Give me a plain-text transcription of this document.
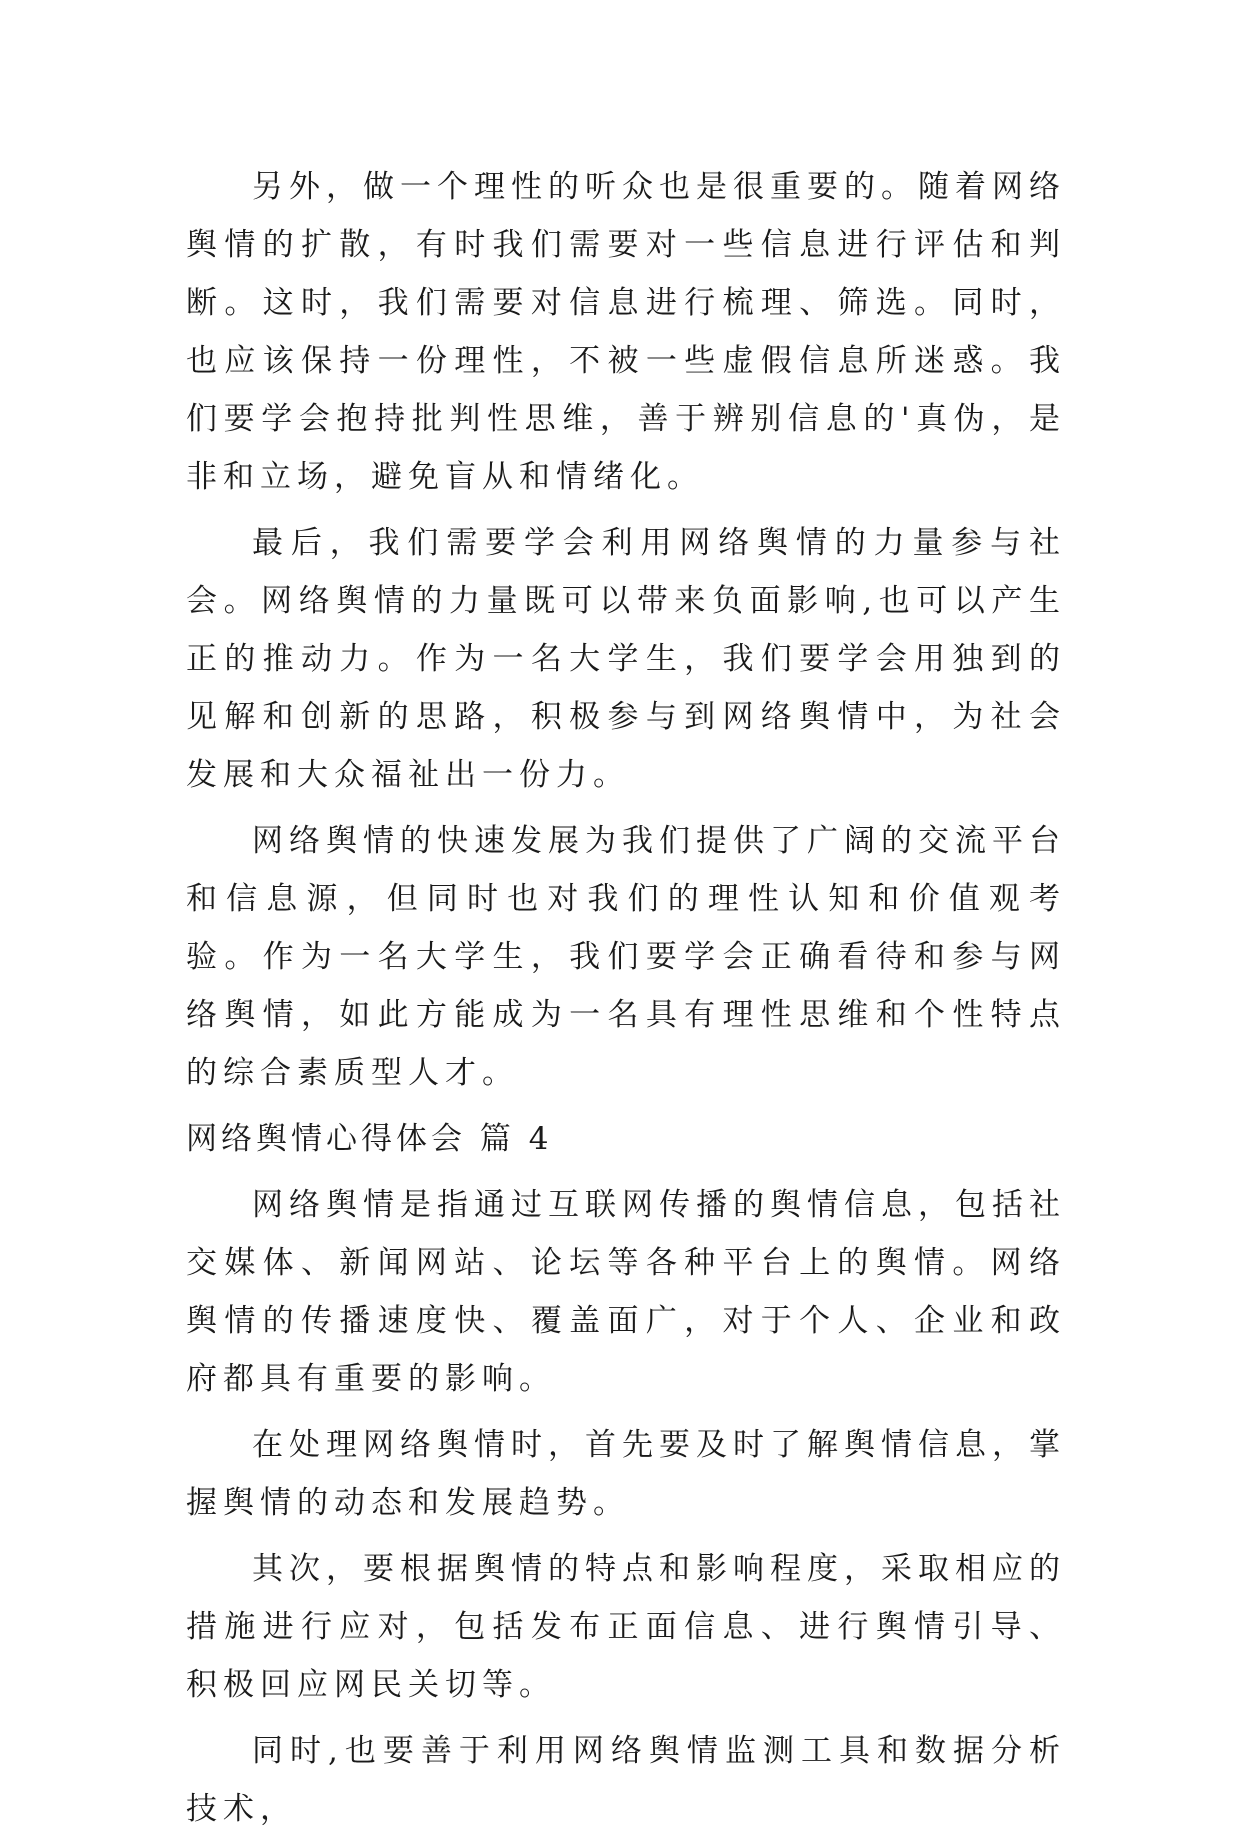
另外，做一个理性的听众也是很重要的。随着网络舆情的扩散，有时我们需要对一些信息进行评估和判断。这时，我们需要对信息进行梳理、筛选。同时，也应该保持一份理性，不被一些虚假信息所迷惑。我们要学会抱持批判性思维，善于辨别信息的'真伪，是非和立场，避免盲从和情绪化。

最后，我们需要学会利用网络舆情的力量参与社会。网络舆情的力量既可以带来负面影响,也可以产生正的推动力。作为一名大学生，我们要学会用独到的见解和创新的思路，积极参与到网络舆情中，为社会发展和大众福祉出一份力。

网络舆情的快速发展为我们提供了广阔的交流平台和信息源，但同时也对我们的理性认知和价值观考验。作为一名大学生，我们要学会正确看待和参与网络舆情，如此方能成为一名具有理性思维和个性特点的综合素质型人才。

网络舆情心得体会 篇 4

网络舆情是指通过互联网传播的舆情信息，包括社交媒体、新闻网站、论坛等各种平台上的舆情。网络舆情的传播速度快、覆盖面广，对于个人、企业和政府都具有重要的影响。

在处理网络舆情时，首先要及时了解舆情信息，掌握舆情的动态和发展趋势。

其次，要根据舆情的特点和影响程度，采取相应的措施进行应对，包括发布正面信息、进行舆情引导、积极回应网民关切等。

同时,也要善于利用网络舆情监测工具和数据分析技术，
